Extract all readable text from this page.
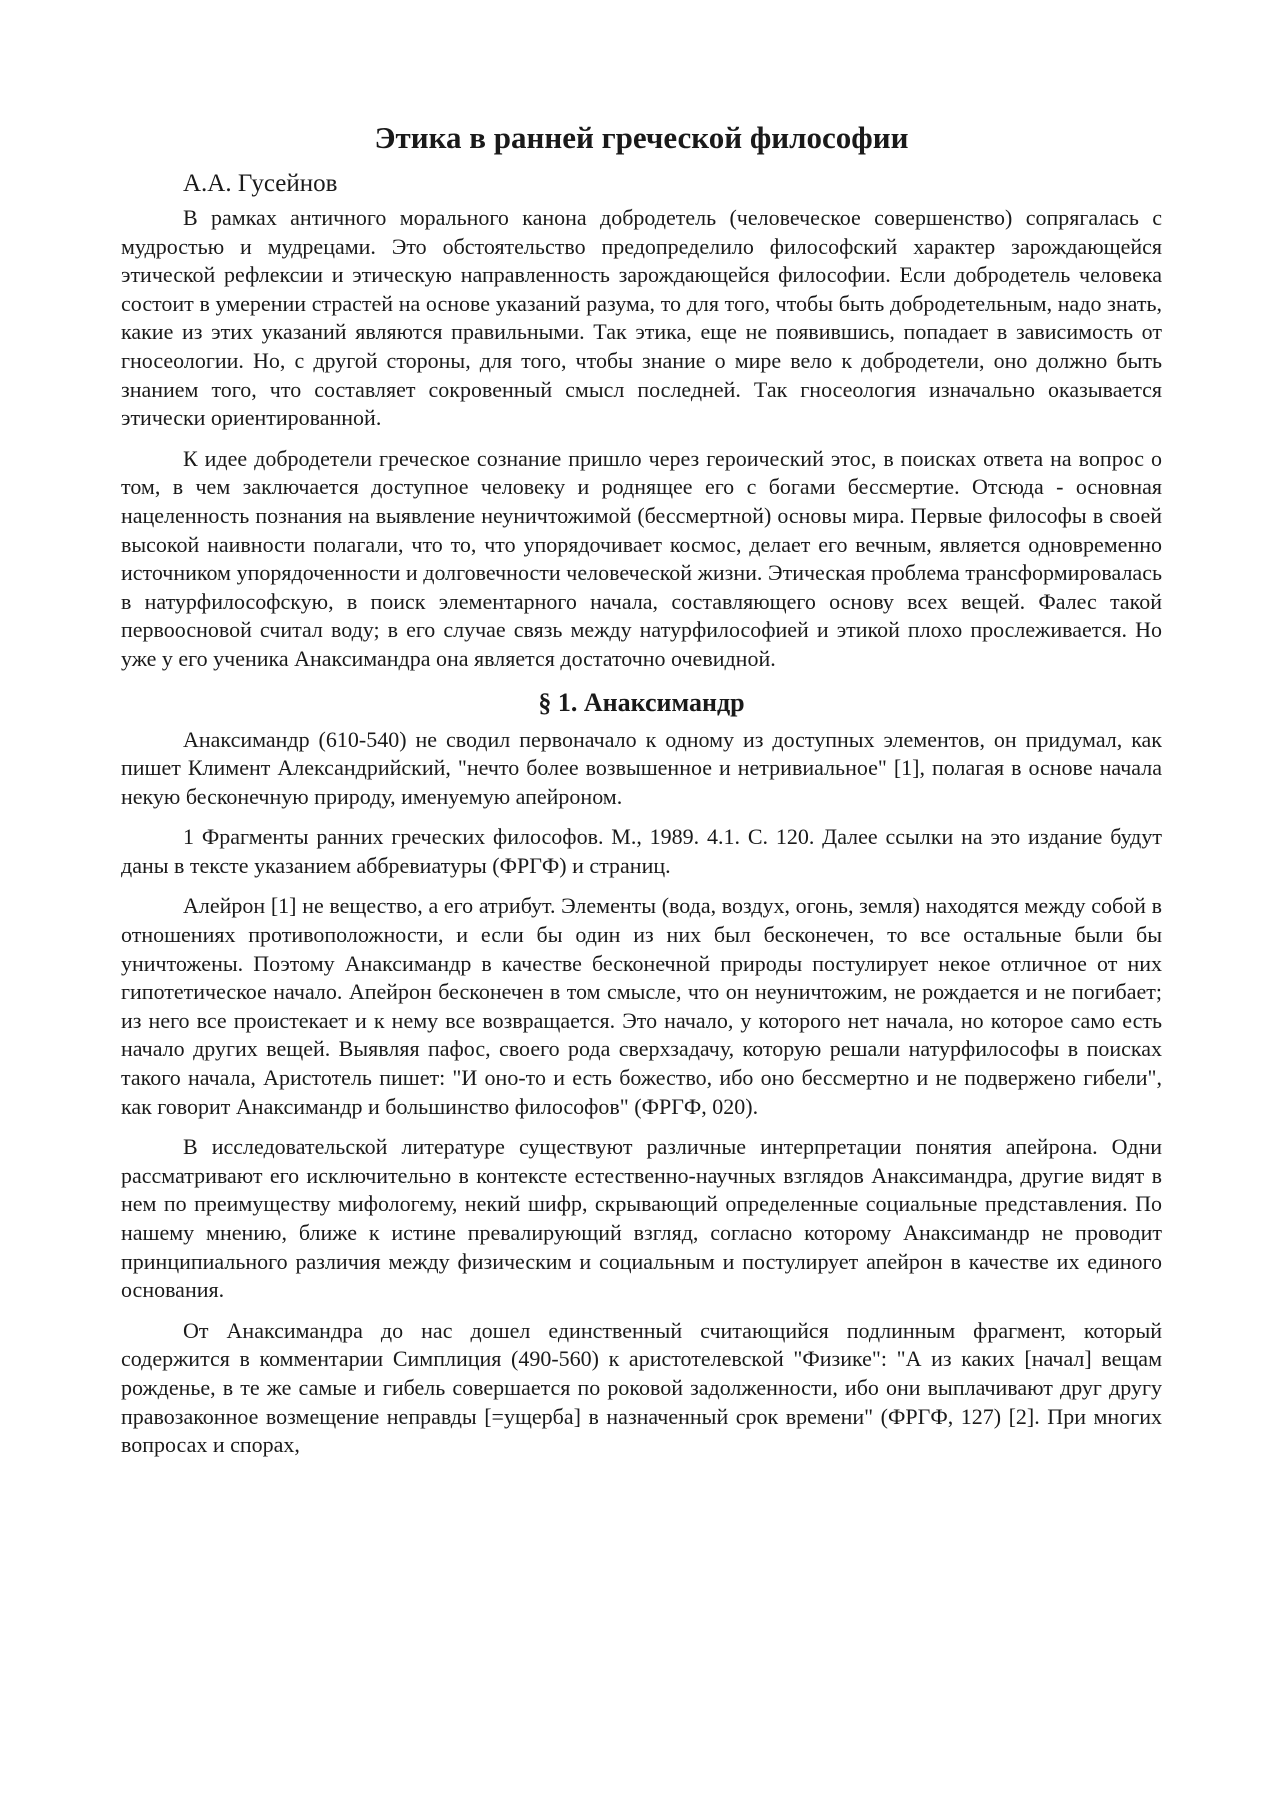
Этика в ранней греческой философии
А.А. Гусейнов

В рамках античного морального канона добродетель (человеческое совершенство) сопрягалась с мудростью и мудрецами. Это обстоятельство предопределило философский характер зарождающейся этической рефлексии и этическую направленность зарождающейся философии. Если добродетель человека состоит в умерении страстей на основе указаний разума, то для того, чтобы быть добродетельным, надо знать, какие из этих указаний являются правильными. Так этика, еще не появившись, попадает в зависимость от гносеологии. Но, с другой стороны, для того, чтобы знание о мире вело к добродетели, оно должно быть знанием того, что составляет сокровенный смысл последней. Так гносеология изначально оказывается этически ориентированной.

К идее добродетели греческое сознание пришло через героический этос, в поисках ответа на вопрос о том, в чем заключается доступное человеку и роднящее его с богами бессмертие. Отсюда - основная нацеленность познания на выявление неуничтожимой (бессмертной) основы мира. Первые философы в своей высокой наивности полагали, что то, что упорядочивает космос, делает его вечным, является одновременно источником упорядоченности и долговечности человеческой жизни. Этическая проблема трансформировалась в натурфилософскую, в поиск элементарного начала, составляющего основу всех вещей. Фалес такой первоосновой считал воду; в его случае связь между натурфилософией и этикой плохо прослеживается. Но уже у его ученика Анаксимандра она является достаточно очевидной.

§ 1. Анаксимандр

Анаксимандр (610-540) не сводил первоначало к одному из доступных элементов, он придумал, как пишет Климент Александрийский, "нечто более возвышенное и нетривиальное" [1], полагая в основе начала некую бесконечную природу, именуемую апейроном.

1 Фрагменты ранних греческих философов. М., 1989. 4.1. С. 120. Далее ссылки на это издание будут даны в тексте указанием аббревиатуры (ФРГФ) и страниц.

Алейрон [1] не вещество, а его атрибут. Элементы (вода, воздух, огонь, земля) находятся между собой в отношениях противоположности, и если бы один из них был бесконечен, то все остальные были бы уничтожены. Поэтому Анаксимандр в качестве бесконечной природы постулирует некое отличное от них гипотетическое начало. Апейрон бесконечен в том смысле, что он неуничтожим, не рождается и не погибает; из него все проистекает и к нему все возвращается. Это начало, у которого нет начала, но которое само есть начало других вещей. Выявляя пафос, своего рода сверхзадачу, которую решали натурфилософы в поисках такого начала, Аристотель пишет: "И оно-то и есть божество, ибо оно бессмертно и не подвержено гибели", как говорит Анаксимандр и большинство философов" (ФРГФ, 020).

В исследовательской литературе существуют различные интерпретации понятия апейрона. Одни рассматривают его исключительно в контексте естественно-научных взглядов Анаксимандра, другие видят в нем по преимуществу мифологему, некий шифр, скрывающий определенные социальные представления. По нашему мнению, ближе к истине превалирующий взгляд, согласно которому Анаксимандр не проводит принципиального различия между физическим и социальным и постулирует апейрон в качестве их единого основания.

От Анаксимандра до нас дошел единственный считающийся подлинным фрагмент, который содержится в комментарии Симплиция (490-560) к аристотелевской "Физике": "А из каких [начал] вещам рожденье, в те же самые и гибель совершается по роковой задолженности, ибо они выплачивают друг другу правозаконное возмещение неправды [=ущерба] в назначенный срок времени" (ФРГФ, 127) [2]. При многих вопросах и спорах,
